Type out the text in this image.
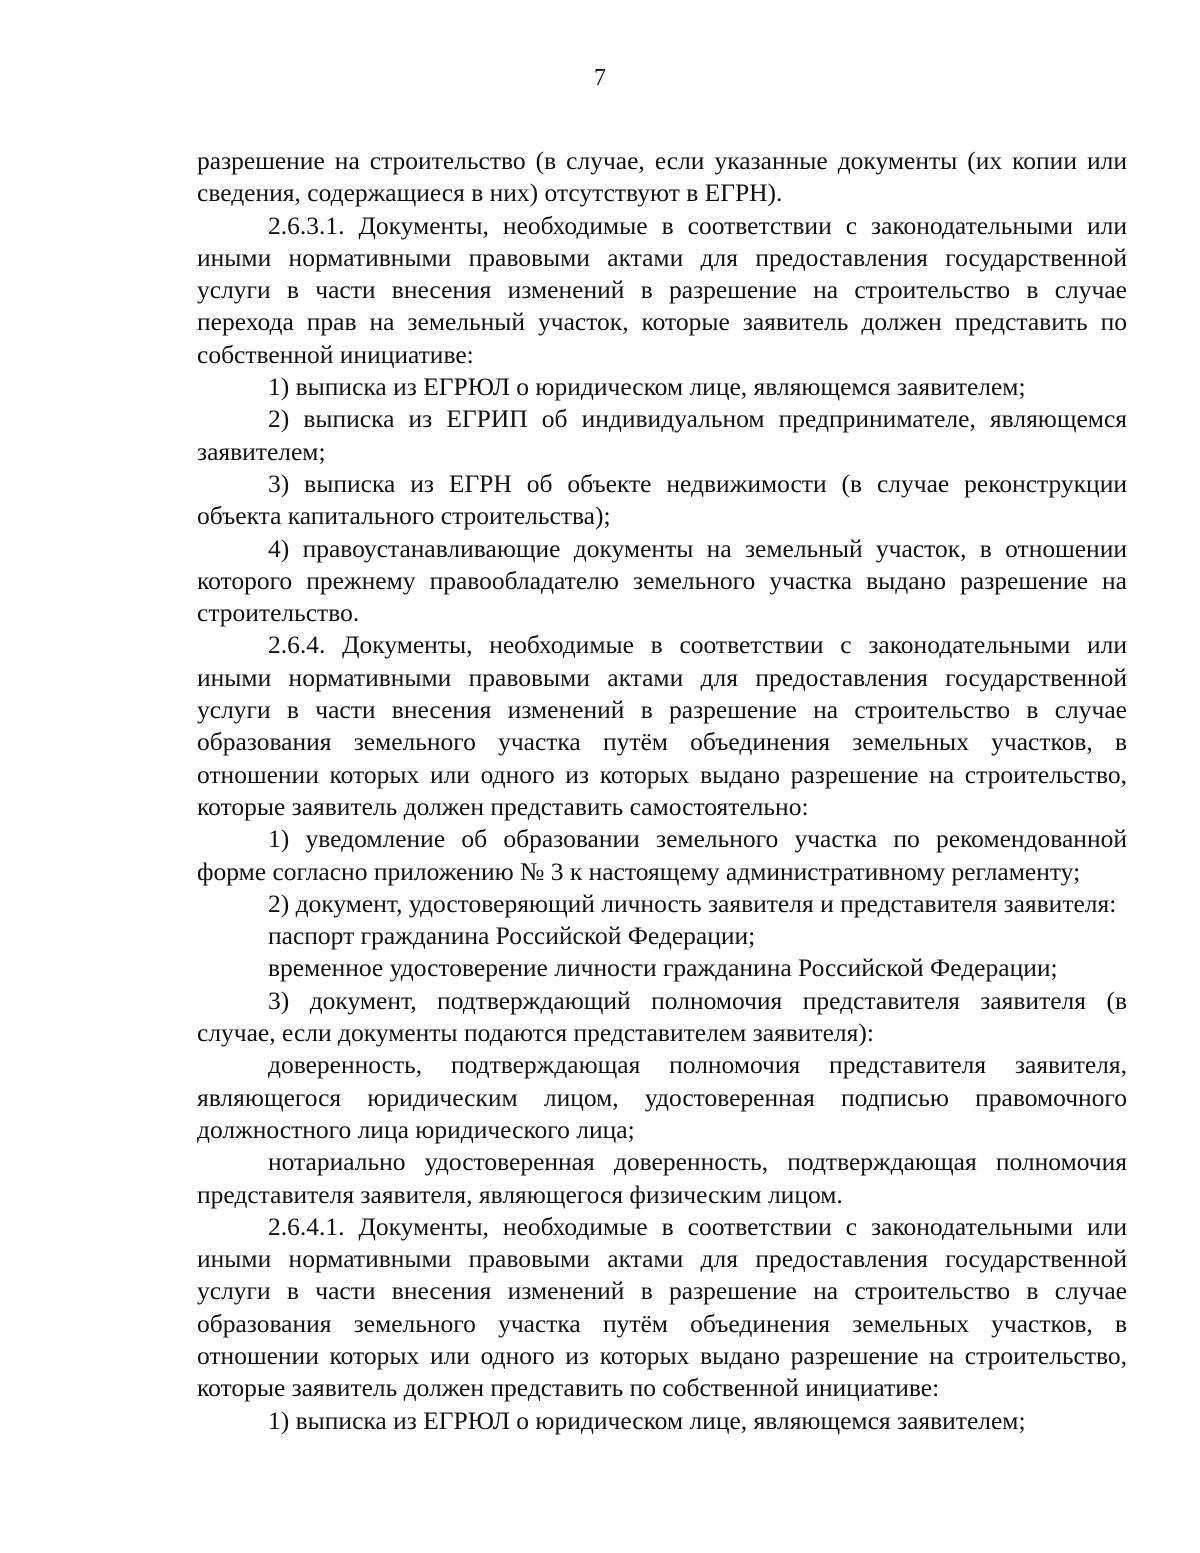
7

разрешение на строительство (в случае, если указанные документы (их копии или сведения, содержащиеся в них) отсутствуют в ЕГРН).

2.6.3.1. Документы, необходимые в соответствии с законодательными или иными нормативными правовыми актами для предоставления государственной услуги в части внесения изменений в разрешение на строительство в случае перехода прав на земельный участок, которые заявитель должен представить по собственной инициативе:

1) выписка из ЕГРЮЛ о юридическом лице, являющемся заявителем;

2) выписка из ЕГРИП об индивидуальном предпринимателе, являющемся заявителем;

3) выписка из ЕГРН об объекте недвижимости (в случае реконструкции объекта капитального строительства);

4) правоустанавливающие документы на земельный участок, в отношении которого прежнему правообладателю земельного участка выдано разрешение на строительство.

2.6.4. Документы, необходимые в соответствии с законодательными или иными нормативными правовыми актами для предоставления государственной услуги в части внесения изменений в разрешение на строительство в случае образования земельного участка путём объединения земельных участков, в отношении которых или одного из которых выдано разрешение на строительство, которые заявитель должен представить самостоятельно:

1) уведомление об образовании земельного участка по рекомендованной форме согласно приложению № 3 к настоящему административному регламенту;

2) документ, удостоверяющий личность заявителя и представителя заявителя:

паспорт гражданина Российской Федерации;

временное удостоверение личности гражданина Российской Федерации;

3) документ, подтверждающий полномочия представителя заявителя (в случае, если документы подаются представителем заявителя):

доверенность, подтверждающая полномочия представителя заявителя, являющегося юридическим лицом, удостоверенная подписью правомочного должностного лица юридического лица;

нотариально удостоверенная доверенность, подтверждающая полномочия представителя заявителя, являющегося физическим лицом.

2.6.4.1. Документы, необходимые в соответствии с законодательными или иными нормативными правовыми актами для предоставления государственной услуги в части внесения изменений в разрешение на строительство в случае образования земельного участка путём объединения земельных участков, в отношении которых или одного из которых выдано разрешение на строительство, которые заявитель должен представить по собственной инициативе:

1) выписка из ЕГРЮЛ о юридическом лице, являющемся заявителем;
